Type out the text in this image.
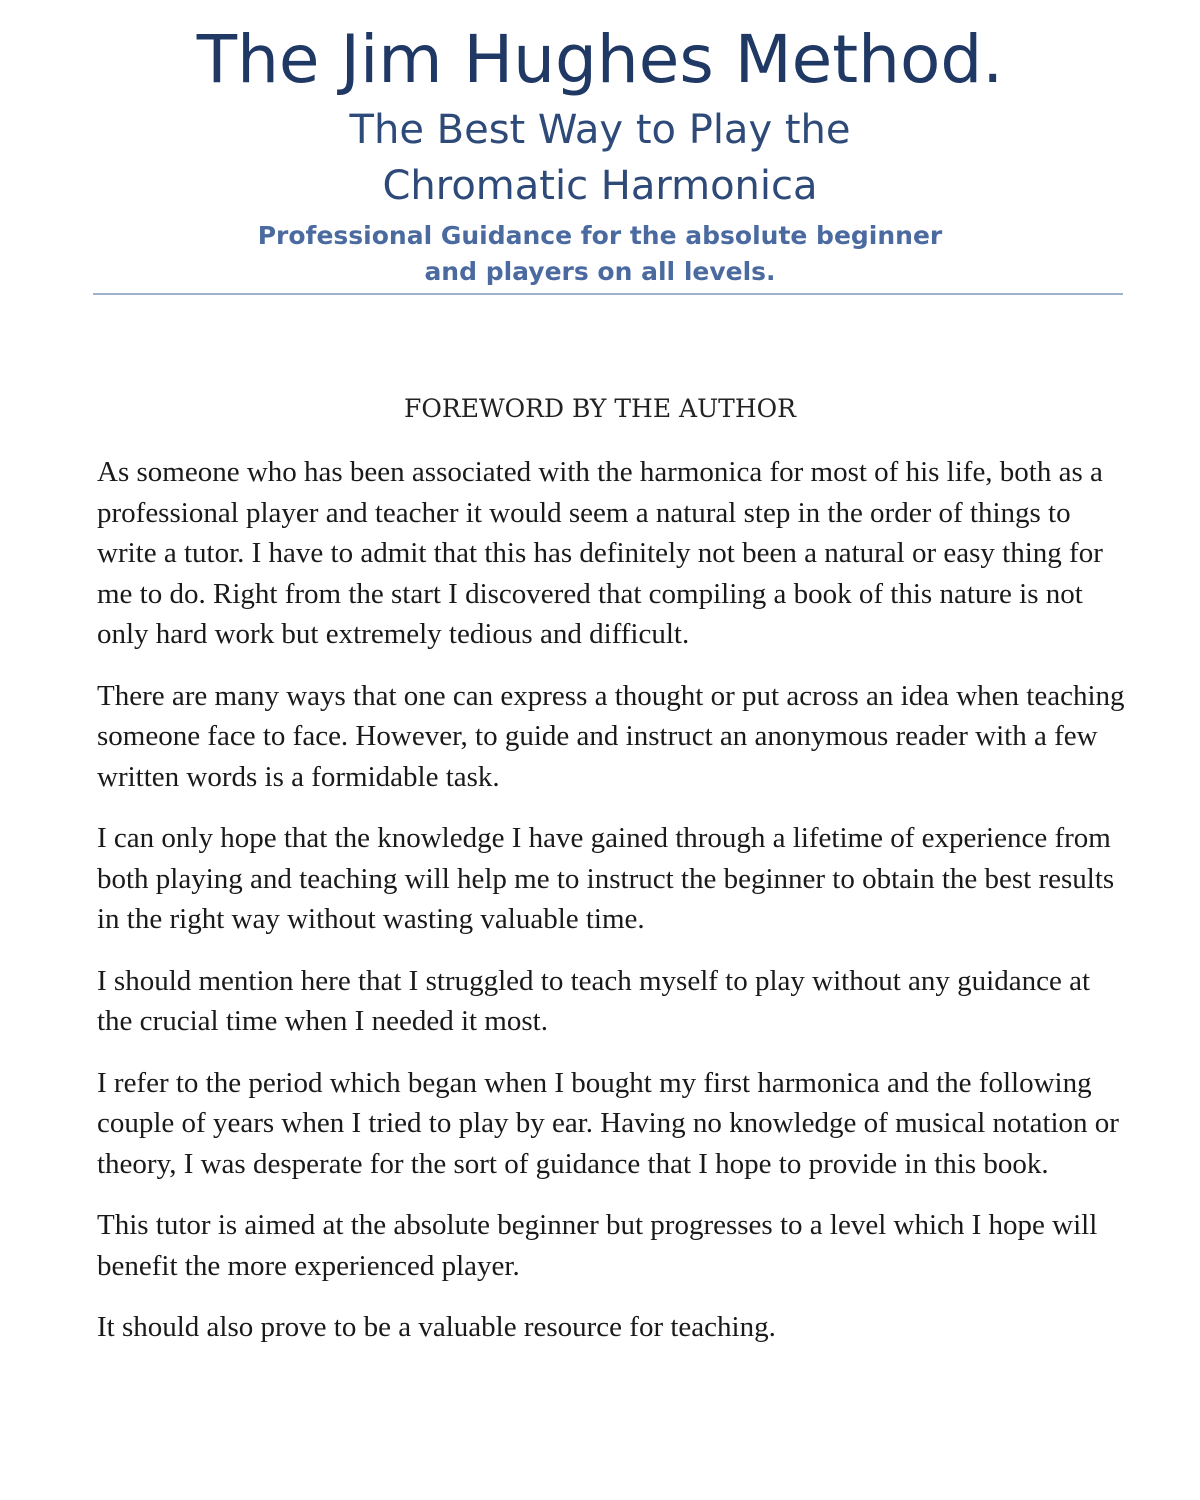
The Jim Hughes Method.
The Best Way to Play the
Chromatic Harmonica
Professional Guidance for the absolute beginner
and players on all levels.
FOREWORD BY THE AUTHOR

As someone who has been associated with the harmonica for most of his life, both as a professional player and teacher it would seem a natural step in the order of things to write a tutor. I have to admit that this has definitely not been a natural or easy thing for me to do. Right from the start I discovered that compiling a book of this nature is not only hard work but extremely tedious and difficult.

There are many ways that one can express a thought or put across an idea when teaching someone face to face. However, to guide and instruct an anonymous reader with a few written words is a formidable task.

I can only hope that the knowledge I have gained through a lifetime of experience from both playing and teaching will help me to instruct the beginner to obtain the best results in the right way without wasting valuable time.

I should mention here that I struggled to teach myself to play without any guidance at the crucial time when I needed it most.

I refer to the period which began when I bought my first harmonica and the following couple of years when I tried to play by ear. Having no knowledge of musical notation or theory, I was desperate for the sort of guidance that I hope to provide in this book.

This tutor is aimed at the absolute beginner but progresses to a level which I hope will benefit the more experienced player.

It should also prove to be a valuable resource for teaching.
